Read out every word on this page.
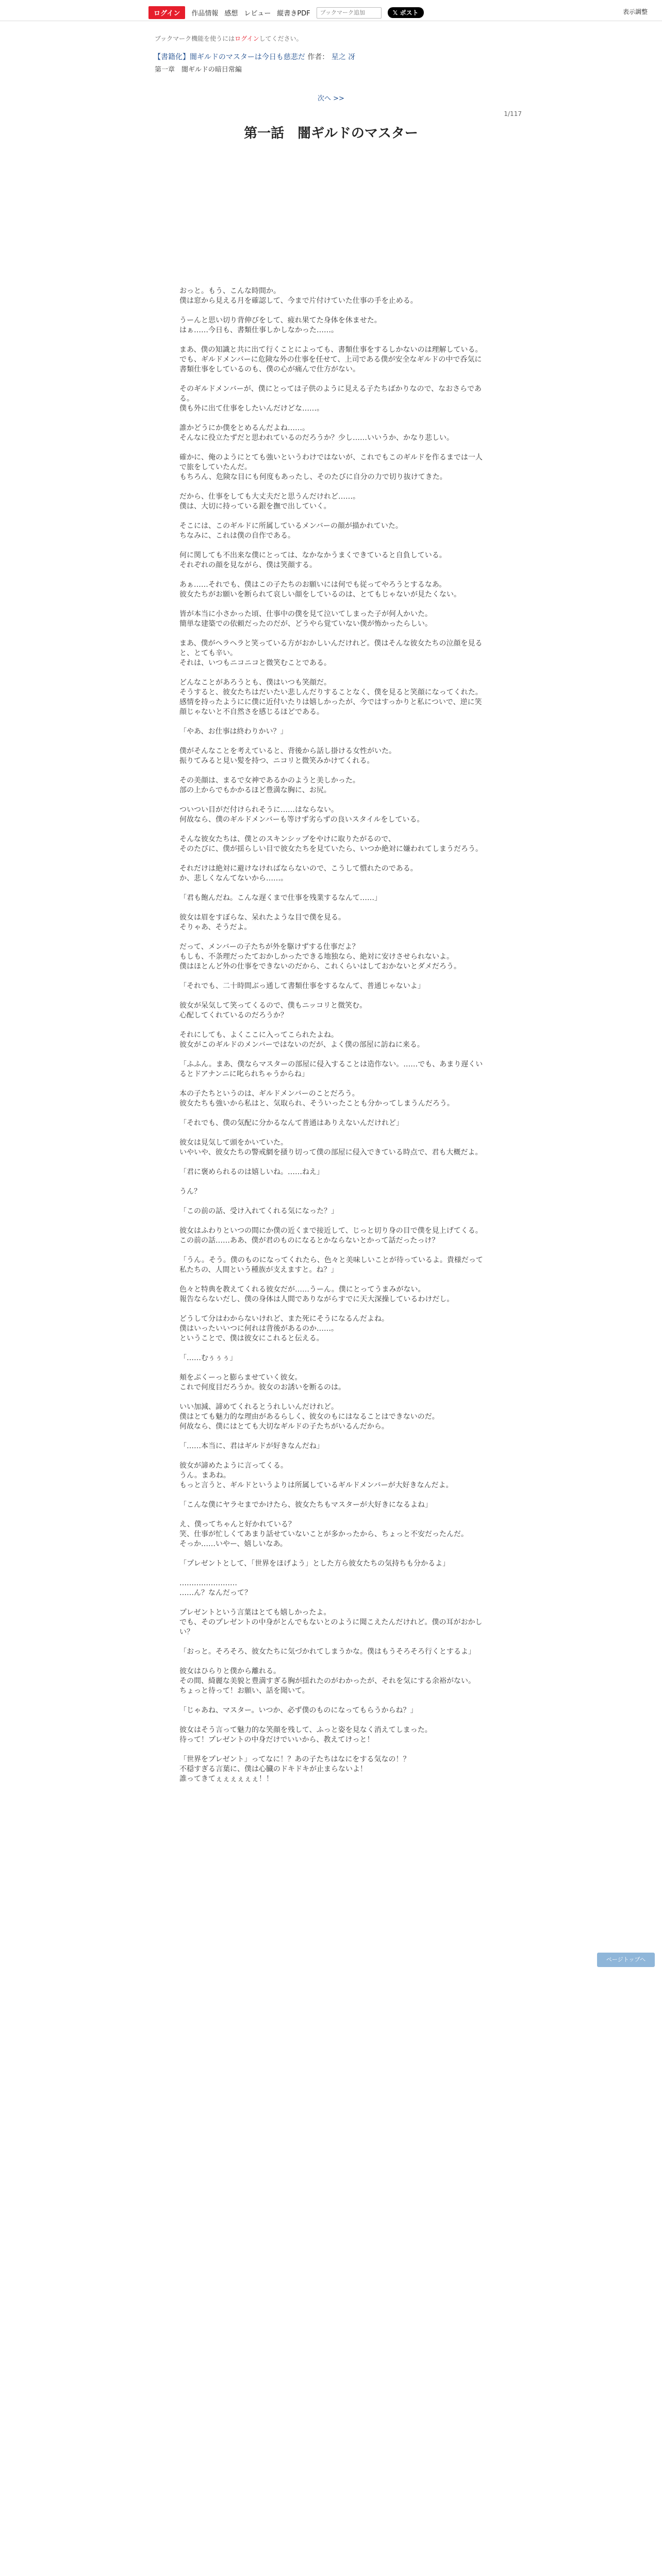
ログイン	作品情報 感想 レビュー 縦書きPDF
ブックマーク追加	𝕏 ポスト	表示調整
ブックマーク機能を使うにはログインしてください。
【書籍化】闇ギルドのマスターは今日も慈悲だ 作者： 星之 冴
第一章　闇ギルドの暗日常編
次へ >>
1/117
第一話　闇ギルドのマスター

おっと。もう、こんな時間か。
僕は窓から見える月を確認して、今まで片付けていた仕事の手を止める。

うーんと思い切り背伸びをして、疲れ果てた身体を休ませた。
はぁ……今日も、書類仕事しかしなかった……。

まあ、僕の知識と共に出て行くことによっても、書類仕事をするしかないのは理解している。
でも、ギルドメンバーに危険な外の仕事を任せて、上司である僕が安全なギルドの中で呑気に書類仕事をしているのも、僕の心が痛んで仕方がない。

そのギルドメンバーが、僕にとっては子供のように見える子たちばかりなので、なおさらである。
僕も外に出て仕事をしたいんだけどな……。

誰かどうにか僕をとめるんだよね……。
そんなに役立たずだと思われているのだろうか？少し……いいうか、かなり悲しい。

確かに、俺のようにとても強いというわけではないが、これでもこのギルドを作るまでは一人で旅をしていたんだ。
もちろん、危険な目にも何度もあったし、そのたびに自分の力で切り抜けてきた。

だから、仕事をしても大丈夫だと思うんだけれど……。
僕は、大切に持っている銀を撫で出していく。

そこには、このギルドに所属しているメンバーの顔が描かれていた。
ちなみに、これは僕の自作である。

何に関しても不出来な僕にとっては、なかなかうまくできていると自負している。
それぞれの顔を見ながら、僕は笑顔する。

あぁ……それでも、僕はこの子たちのお願いには何でも従ってやろうとするなあ。
彼女たちがお願いを断られて哀しい顔をしているのは、とてもじゃないが見たくない。

皆が本当に小さかった頃、仕事中の僕を見て泣いてしまった子が何人かいた。
簡単な建築での依頼だったのだが、どうやら覚ていない僕が怖かったらしい。

まあ、僕がヘラヘラと笑っている方がおかしいんだけれど。僕はそんな彼女たちの泣顔を見ると、とても辛い。
それは、いつもニコニコと微笑むことである。

どんなことがあろうとも、僕はいつも笑顔だ。
そうすると、彼女たちはだいたい悲しんだりすることなく、僕を見ると笑顔になってくれた。
感情を持ったようにに僕に近付いたりは嬉しかったが、今ではすっかりと私についで、逆に笑顔じゃないと不自然さを感じるほどである。

「やあ、お仕事は終わりかい？」

僕がそんなことを考えていると、背後から話し掛ける女性がいた。
振りてみると見い髪を持つ、ニコリと微笑みかけてくれる。

その美顔は、まるで女神であるかのようと美しかった。
部の上からでもかかるほど豊満な胸に、お尻。

ついつい目がだ付けられそうに……はならない。
何故なら、僕のギルドメンバーも等けず劣らずの良いスタイルをしている。

そんな彼女たちは、僕とのスキンシップをやけに取りたがるので、
そのたびに、僕が揺らしい目で彼女たちを見ていたら、いつか絶対に嫌われてしまうだろう。

それだけは絶対に避けなければならないので、こうして慣れたのである。
か、悲しくなんてないから……。

「君も飽んだね。こんな遅くまで仕事を残業するなんて……」

彼女は眉をすぼらな、呆れたような目で僕を見る。
そりゃあ、そうだよ。

だって、メンバーの子たちが外を駆けずする仕事だよ？
もしも、不条理だったておかしかったできる地独なら、絶対に安けさせられないよ。
僕はほとんど外の仕事をできないのだから、これくらいはしておかないとダメだろう。

「それでも、二十時間ぶっ通して書類仕事をするなんて、普通じゃないよ」

彼女が呆気して笑ってくるので、僕もニッコリと微笑む。
心配してくれているのだろうか？

それにしても、よくここに入ってこられたよね。
彼女がこのギルドのメンバーではないのだが、よく僕の部屋に訪ねに来る。

「ふふん。まあ、僕ならマスターの部屋に侵入することは造作ない。……でも、あまり遅くいるとドアナンニに叱られちゃうからね」

本の子たちというのは、ギルドメンバーのことだろう。
彼女たちも強いから私はと、気取られ、そういったことも分かってしまうんだろう。

「それでも、僕の気配に分かるなんて普通はありえないんだけれど」

彼女は見気して頭をかいていた。
いやいや、彼女たちの警戒網を掻り切って僕の部屋に侵入できている時点で、君も大概だよ。

「君に褒められるのは嬉しいね。……ねえ」

うん？

「この前の話、受け入れてくれる気になった？」

彼女はふわりといつの間にか僕の近くまで接近して、じっと切り身の目で僕を見上げてくる。
この前の話……ああ、僕が君のものになるとかならないとかって話だったっけ？

「うん。そう。僕のものになってくれたら、色々と美味しいことが待っているよ。貴様だって私たちの、人間という種族が支えますと。ね？」

色々と特典を教えてくれる彼女だが……うーん。僕にとってうまみがない。
報告ならないだし、僕の身体は人間でありながらすでに天大深操しているわけだし。

どうして分はわからないけれど、また死にそうになるんだよね。
僕はいったいいつに何れは背後があるのか……。
ということで、僕は彼女にこれると伝える。

「……むぅぅぅ」

頬をぷくーっと膨らませていく彼女。
これで何度目だろうか。彼女のお誘いを断るのは。

いい加減、諦めてくれるとうれしいんだけれど。
僕はとても魅力的な理由があるらしく、彼女のもにはなることはできないのだ。
何故なら、僕にはとても大切なギルドの子たちがいるんだから。

「……本当に、君はギルドが好きなんだね」

彼女が諦めたように言ってくる。
うん。まあね。
もっと言うと、ギルドというよりは所属しているギルドメンバーが大好きなんだよ。

「こんな僕にヤラセまでかけたら、彼女たちもマスターが大好きになるよね」

え、僕ってちゃんと好かれている？
笑、仕事が忙しくてあまり話せていないことが多かったから、ちょっと不安だったんだ。
そっか……いやー、嬉しいなあ。

「プレゼントとして、「世界をほげよう」とした方ら彼女たちの気持ちも分かるよ」

……………………
……ん？なんだって？

プレゼントという言葉はとても嬉しかったよ。
でも、そのプレゼントの中身がとんでもないとのように聞こえたんだけれど。僕の耳がおかしい？

「おっと。そろそろ、彼女たちに気づかれてしまうかな。僕はもうそろそろ行くとするよ」

彼女はひらりと僕から離れる。
その間、綺麗な美貌と豊満すぎる胸が揺れたのがわかったが、それを気にする余裕がない。
ちょっと待って！お願い、話を聞いて。

「じゃあね、マスター。いつか、必ず僕のものになってもらうからね？」

彼女はそう言って魅力的な笑顔を残して、ふっと姿を見なく消えてしまった。
待って！プレゼントの中身だけでいいから、教えてけっと！

「世界をプレゼント」ってなに！？あの子たちはなにをする気なの！？
不穏すぎる言葉に、僕は心臓のドキドキが止まらないよ！
誰ってきてぇぇぇぇぇぇ！！

ページトップへ
